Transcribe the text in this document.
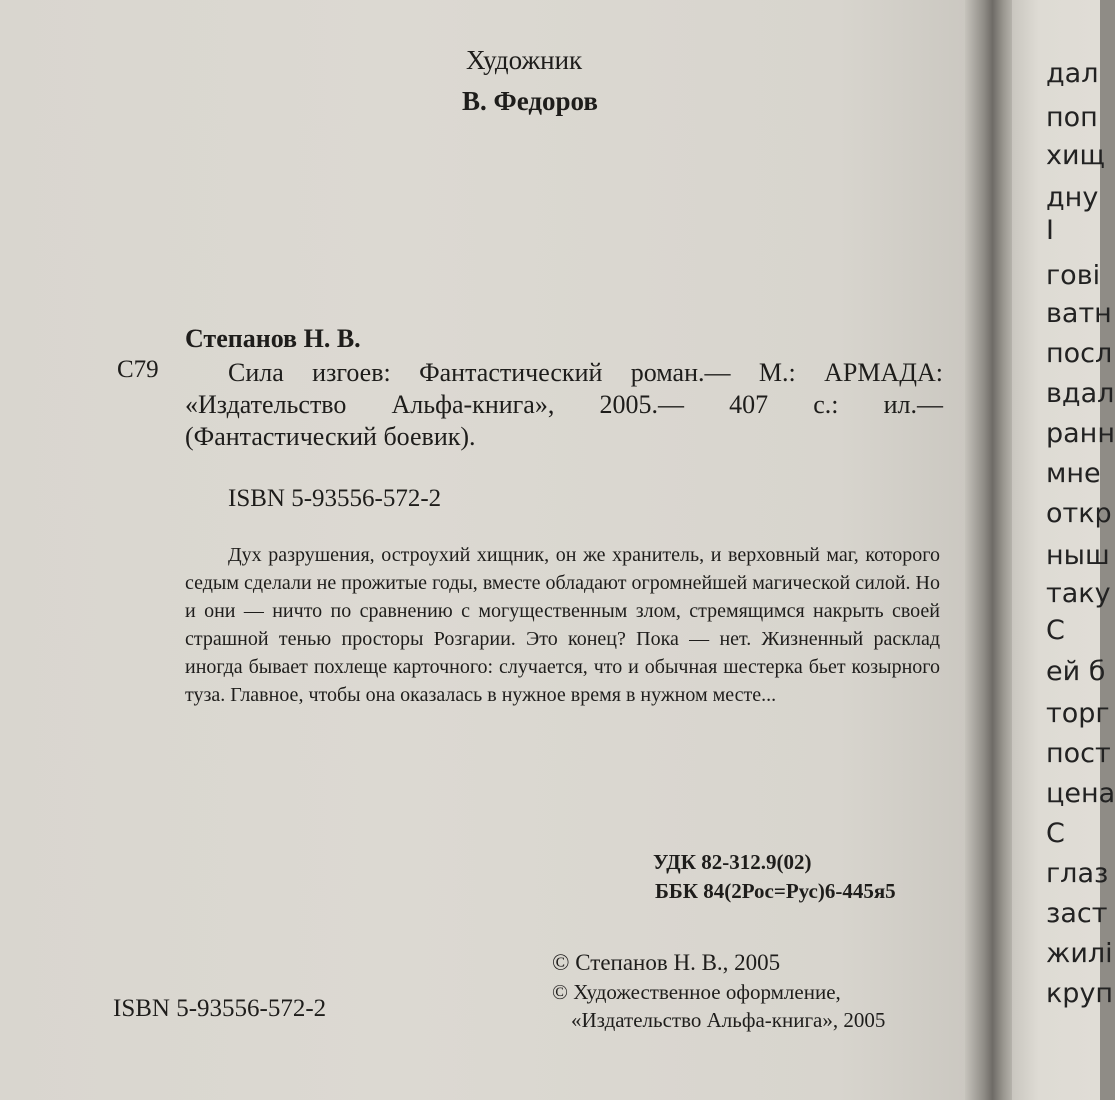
Художник
В. Федоров
Степанов Н. В.
С79	Сила изгоев: Фантастический роман.— М.: АРМАДА: «Издательство Альфа-книга», 2005.— 407 с.: ил.— (Фантастический боевик).
ISBN 5-93556-572-2
Дух разрушения, остроухий хищник, он же хранитель, и верховный маг, которого седым сделали не прожитые годы, вместе обладают огромнейшей магической силой. Но и они — ничто по сравнению с могущественным злом, стремящимся накрыть своей страшной тенью просторы Розгарии. Это конец? Пока — нет. Жизненный расклад иногда бывает похлеще карточного: случается, что и обычная шестерка бьет козырного туза. Главное, чтобы она оказалась в нужное время в нужном месте...
УДК 82-312.9(02)
ББК 84(2Рос=Рус)6-445я5
© Степанов Н. В., 2005
© Художественное оформление,
«Издательство Альфа-книга», 2005
ISBN 5-93556-572-2
дал
поп
хищ
дну
I
гові
ватн
посл
вдал
ранн
мне
откр
ныш
таку
С
ей б
торг
пост
цена
С
глаз
заст
жилі
круп
